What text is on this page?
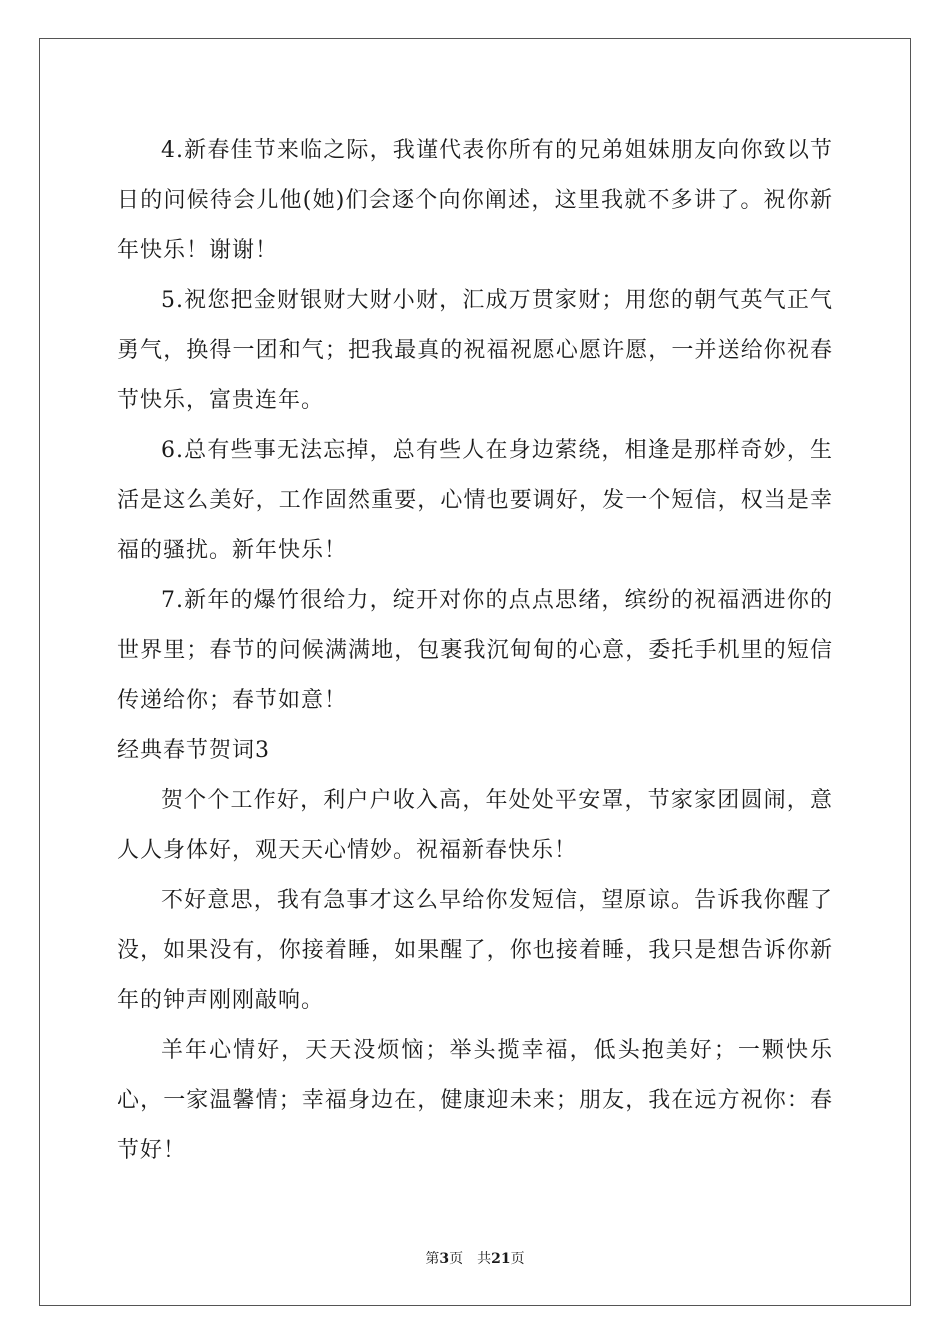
4.新春佳节来临之际，我谨代表你所有的兄弟姐妹朋友向你致以节日的问候待会儿他(她)们会逐个向你阐述，这里我就不多讲了。祝你新年快乐！谢谢！

5.祝您把金财银财大财小财，汇成万贯家财；用您的朝气英气正气勇气，换得一团和气；把我最真的祝福祝愿心愿许愿，一并送给你祝春节快乐，富贵连年。

6.总有些事无法忘掉，总有些人在身边萦绕，相逢是那样奇妙，生活是这么美好，工作固然重要，心情也要调好，发一个短信，权当是幸福的骚扰。新年快乐！

7.新年的爆竹很给力，绽开对你的点点思绪，缤纷的祝福洒进你的世界里；春节的问候满满地，包裹我沉甸甸的心意，委托手机里的短信传递给你；春节如意！

经典春节贺词3

贺个个工作好，利户户收入高，年处处平安罩，节家家团圆闹，意人人身体好，观天天心情妙。祝福新春快乐！

不好意思，我有急事才这么早给你发短信，望原谅。告诉我你醒了没，如果没有，你接着睡，如果醒了，你也接着睡，我只是想告诉你新年的钟声刚刚敲响。

羊年心情好，天天没烦恼；举头揽幸福，低头抱美好；一颗快乐心，一家温馨情；幸福身边在，健康迎未来；朋友，我在远方祝你：春节好！

第3页 共21页
